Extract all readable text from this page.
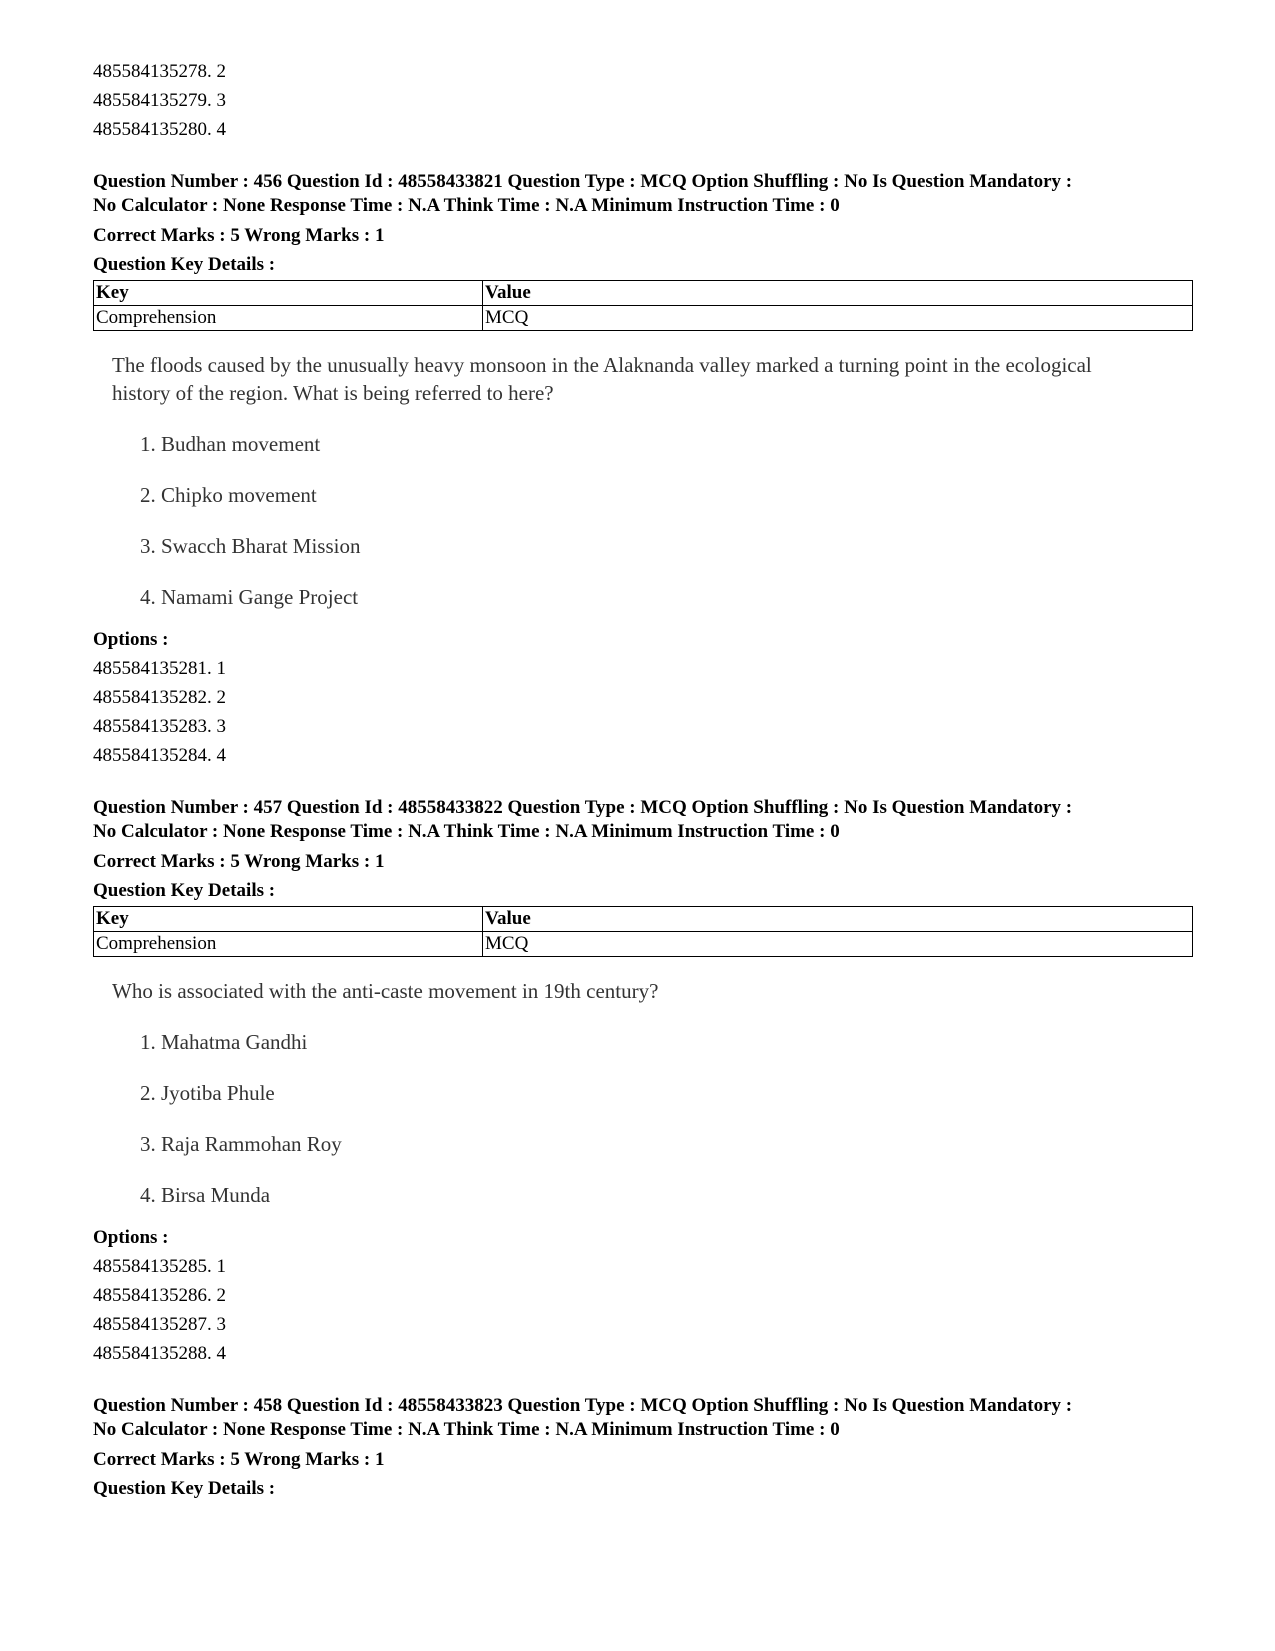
485584135278. 2
485584135279. 3
485584135280. 4
Question Number : 456 Question Id : 48558433821 Question Type : MCQ Option Shuffling : No Is Question Mandatory :
No Calculator : None Response Time : N.A Think Time : N.A Minimum Instruction Time : 0
Correct Marks : 5 Wrong Marks : 1
Question Key Details :
Key	Value
Comprehension	MCQ
The floods caused by the unusually heavy monsoon in the Alaknanda valley marked a turning point in the ecological history of the region. What is being referred to here?
1. Budhan movement
2. Chipko movement
3. Swacch Bharat Mission
4. Namami Gange Project
Options :
485584135281. 1
485584135282. 2
485584135283. 3
485584135284. 4
Question Number : 457 Question Id : 48558433822 Question Type : MCQ Option Shuffling : No Is Question Mandatory :
No Calculator : None Response Time : N.A Think Time : N.A Minimum Instruction Time : 0
Correct Marks : 5 Wrong Marks : 1
Question Key Details :
Key	Value
Comprehension	MCQ
Who is associated with the anti-caste movement in 19th century?
1. Mahatma Gandhi
2. Jyotiba Phule
3. Raja Rammohan Roy
4. Birsa Munda
Options :
485584135285. 1
485584135286. 2
485584135287. 3
485584135288. 4
Question Number : 458 Question Id : 48558433823 Question Type : MCQ Option Shuffling : No Is Question Mandatory :
No Calculator : None Response Time : N.A Think Time : N.A Minimum Instruction Time : 0
Correct Marks : 5 Wrong Marks : 1
Question Key Details :
